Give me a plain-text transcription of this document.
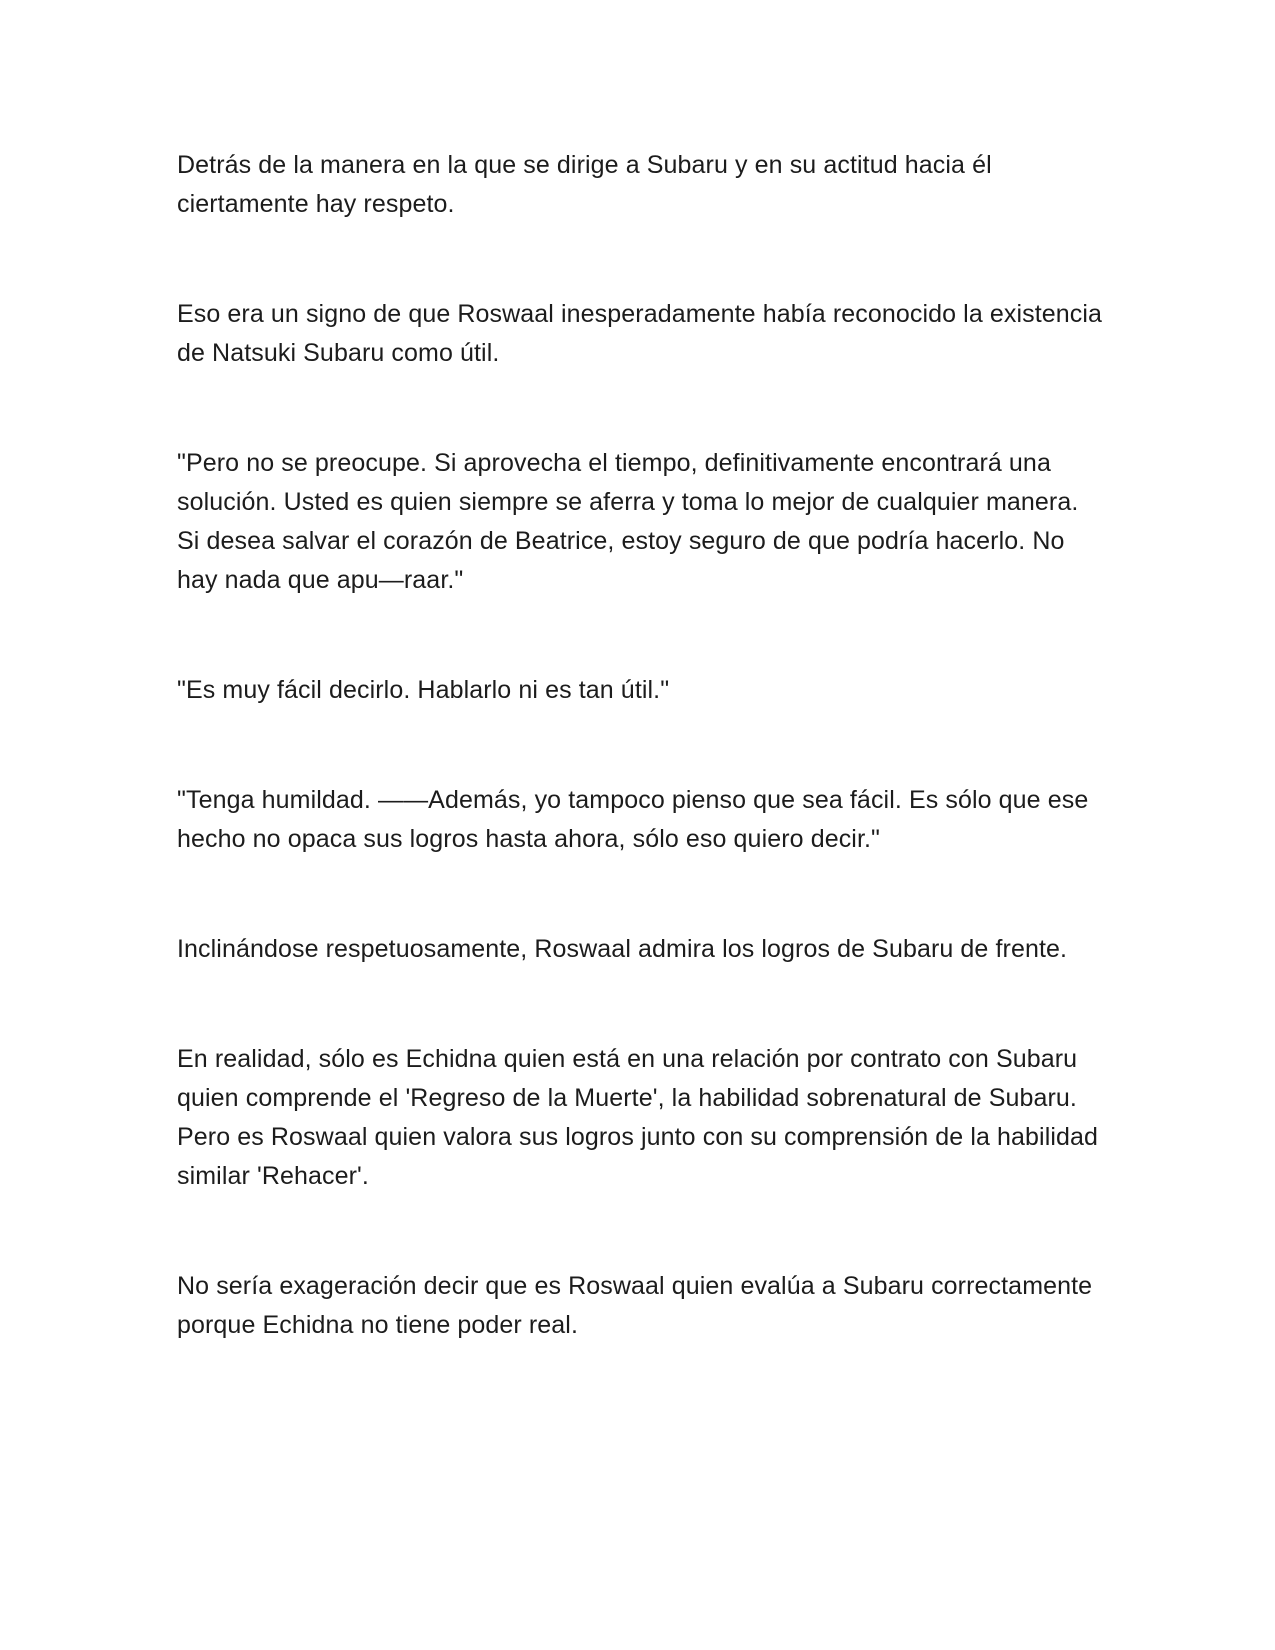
Detrás de la manera en la que se dirige a Subaru y en su actitud hacia él ciertamente hay respeto.

Eso era un signo de que Roswaal inesperadamente había reconocido la existencia de Natsuki Subaru como útil.

"Pero no se preocupe. Si aprovecha el tiempo, definitivamente encontrará una solución. Usted es quien siempre se aferra y toma lo mejor de cualquier manera. Si desea salvar el corazón de Beatrice, estoy seguro de que podría hacerlo. No hay nada que apu—raar."

"Es muy fácil decirlo. Hablarlo ni es tan útil."

"Tenga humildad. ——Además, yo tampoco pienso que sea fácil. Es sólo que ese hecho no opaca sus logros hasta ahora, sólo eso quiero decir."

Inclinándose respetuosamente, Roswaal admira los logros de Subaru de frente.

En realidad, sólo es Echidna quien está en una relación por contrato con Subaru quien comprende el 'Regreso de la Muerte', la habilidad sobrenatural de Subaru. Pero es Roswaal quien valora sus logros junto con su comprensión de la habilidad similar 'Rehacer'.

No sería exageración decir que es Roswaal quien evalúa a Subaru correctamente porque Echidna no tiene poder real.
